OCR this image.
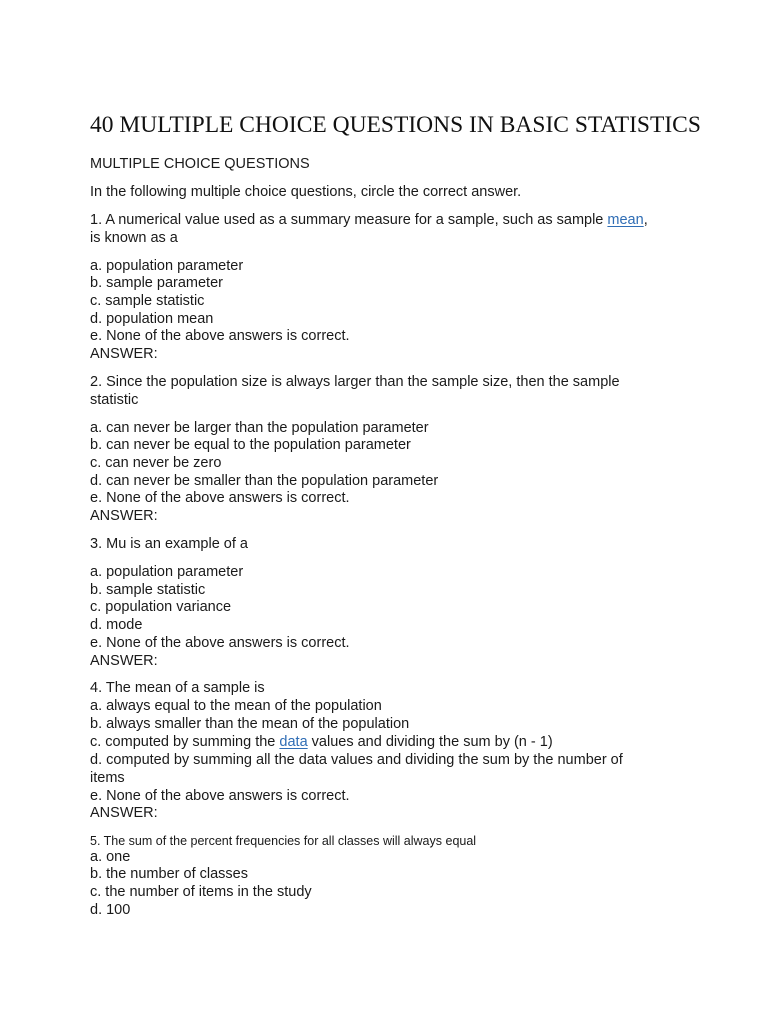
40 MULTIPLE CHOICE QUESTIONS IN BASIC STATISTICS
MULTIPLE CHOICE QUESTIONS
In the following multiple choice questions, circle the correct answer.
1. A numerical value used as a summary measure for a sample, such as sample mean,
is known as a
a. population parameter
b. sample parameter
c. sample statistic
d. population mean
e. None of the above answers is correct.
ANSWER:
2. Since the population size is always larger than the sample size, then the sample
statistic
a. can never be larger than the population parameter
b. can never be equal to the population parameter
c. can never be zero
d. can never be smaller than the population parameter
e. None of the above answers is correct.
ANSWER:
3. Mu is an example of a
a. population parameter
b. sample statistic
c. population variance
d. mode
e. None of the above answers is correct.
ANSWER:
4. The mean of a sample is
a. always equal to the mean of the population
b. always smaller than the mean of the population
c. computed by summing the data values and dividing the sum by (n - 1)
d. computed by summing all the data values and dividing the sum by the number of
items
e. None of the above answers is correct.
ANSWER:
5. The sum of the percent frequencies for all classes will always equal
a. one
b. the number of classes
c. the number of items in the study
d. 100
